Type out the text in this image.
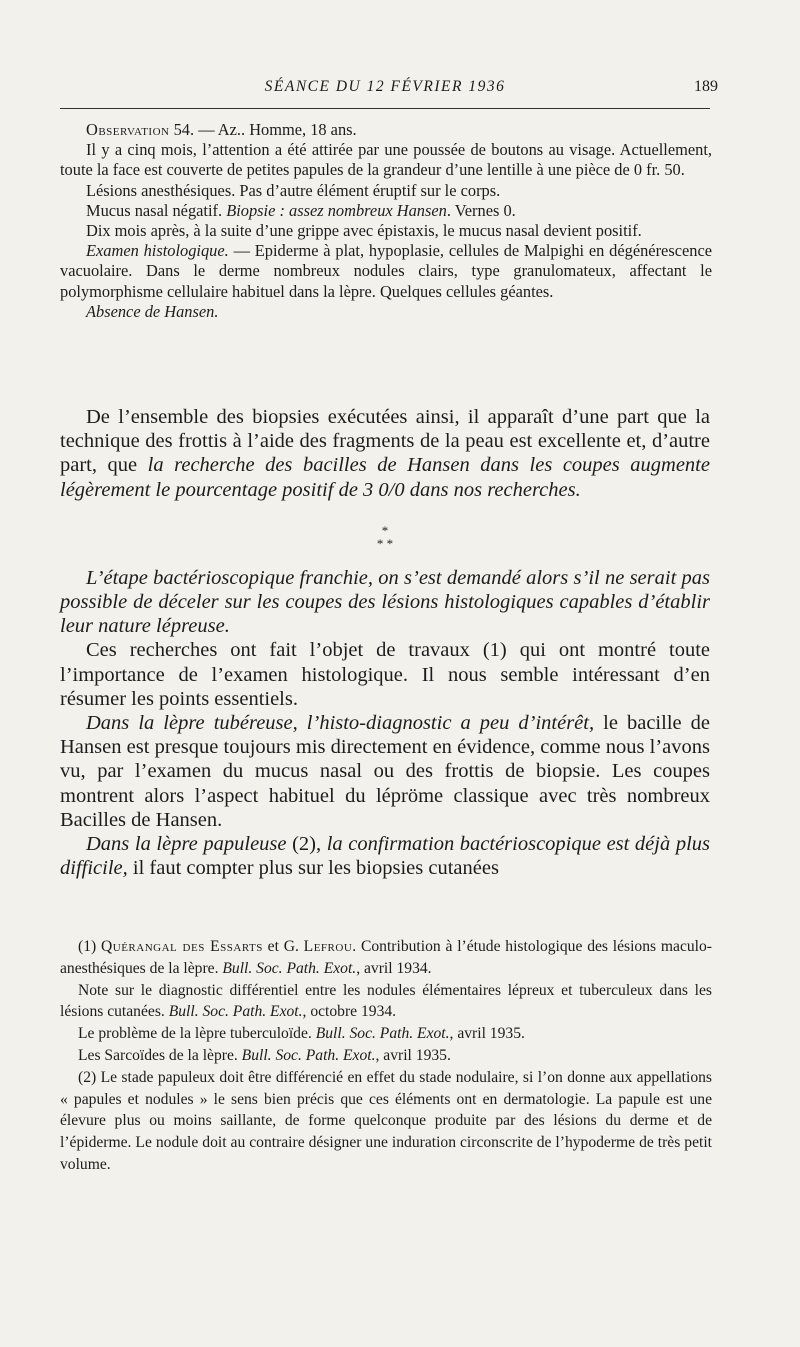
SÉANCE DU 12 FÉVRIER 1936	189

Observation 54. — Az.. Homme, 18 ans.

Il y a cinq mois, l’attention a été attirée par une poussée de boutons au visage. Actuellement, toute la face est couverte de petites papules de la grandeur d’une lentille à une pièce de 0 fr. 50.

Lésions anesthésiques. Pas d’autre élément éruptif sur le corps.

Mucus nasal négatif. Biopsie : assez nombreux Hansen. Vernes 0.

Dix mois après, à la suite d’une grippe avec épistaxis, le mucus nasal devient positif.

Examen histologique. — Epiderme à plat, hypoplasie, cellules de Malpighi en dégénérescence vacuolaire. Dans le derme nombreux nodules clairs, type granulomateux, affectant le polymorphisme cellulaire habituel dans la lèpre. Quelques cellules géantes.

Absence de Hansen.

De l’ensemble des biopsies exécutées ainsi, il apparaît d’une part que la technique des frottis à l’aide des fragments de la peau est excellente et, d’autre part, que la recherche des bacilles de Hansen dans les coupes augmente légèrement le pourcentage positif de 3 0/0 dans nos recherches.

*
* *

L’étape bactérioscopique franchie, on s’est demandé alors s’il ne serait pas possible de déceler sur les coupes des lésions histologiques capables d’établir leur nature lépreuse.

Ces recherches ont fait l’objet de travaux (1) qui ont montré toute l’importance de l’examen histologique. Il nous semble intéressant d’en résumer les points essentiels.

Dans la lèpre tubéreuse, l’histo-diagnostic a peu d’intérêt, le bacille de Hansen est presque toujours mis directement en évidence, comme nous l’avons vu, par l’examen du mucus nasal ou des frottis de biopsie. Les coupes montrent alors l’aspect habituel du lépröme classique avec très nombreux Bacilles de Hansen.

Dans la lèpre papuleuse (2), la confirmation bactérioscopique est déjà plus difficile, il faut compter plus sur les biopsies cutanées

(1) Quérangal des Essarts et G. Lefrou. Contribution à l’étude histologique des lésions maculo-anesthésiques de la lèpre. Bull. Soc. Path. Exot., avril 1934.

Note sur le diagnostic différentiel entre les nodules élémentaires lépreux et tuberculeux dans les lésions cutanées. Bull. Soc. Path. Exot., octobre 1934.

Le problème de la lèpre tuberculoïde. Bull. Soc. Path. Exot., avril 1935.

Les Sarcoïdes de la lèpre. Bull. Soc. Path. Exot., avril 1935.

(2) Le stade papuleux doit être différencié en effet du stade nodulaire, si l’on donne aux appellations « papules et nodules » le sens bien précis que ces éléments ont en dermatologie. La papule est une élevure plus ou moins saillante, de forme quelconque produite par des lésions du derme et de l’épiderme. Le nodule doit au contraire désigner une induration circonscrite de l’hypoderme de très petit volume.
